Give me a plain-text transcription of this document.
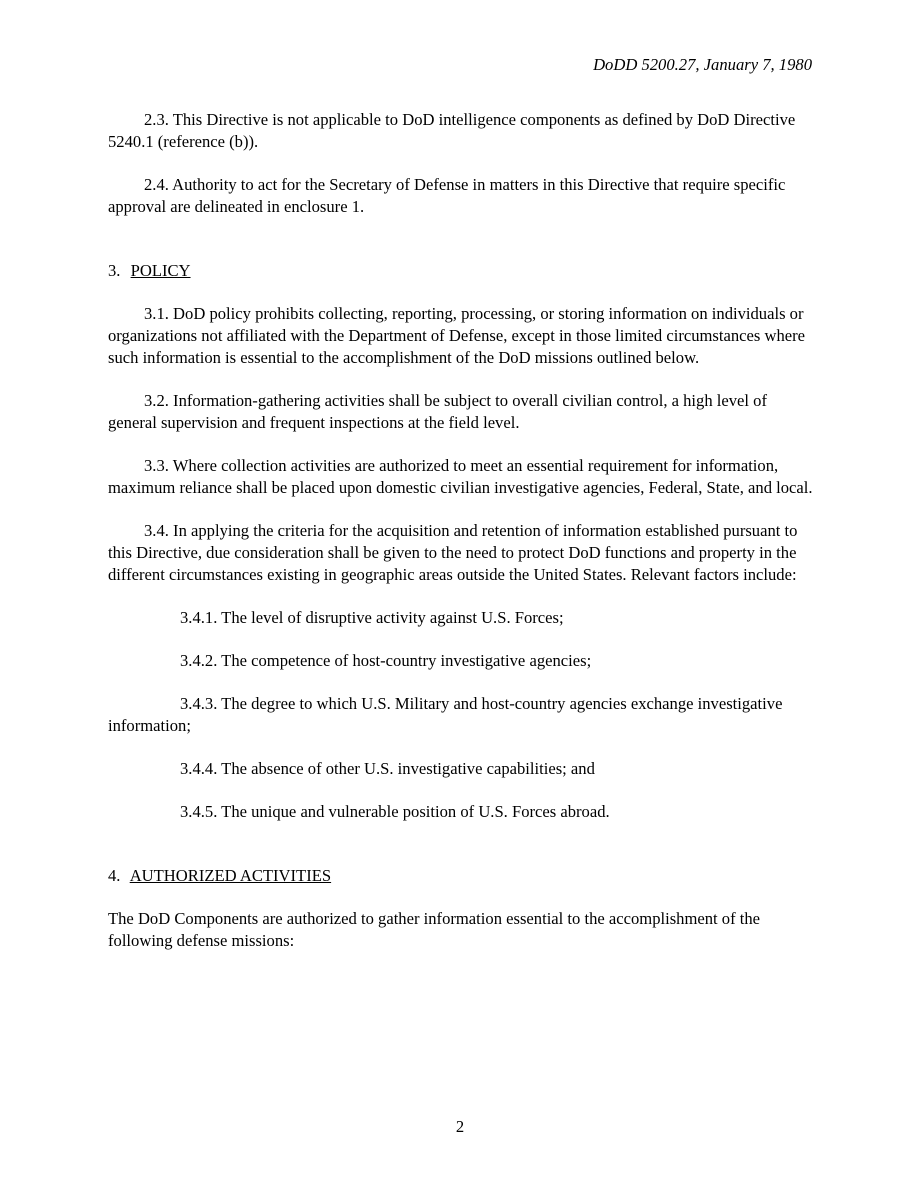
DoDD 5200.27, January 7, 1980

2.3. This Directive is not applicable to DoD intelligence components as defined by DoD Directive 5240.1 (reference (b)).

2.4. Authority to act for the Secretary of Defense in matters in this Directive that require specific approval are delineated in enclosure 1.

3. POLICY

3.1. DoD policy prohibits collecting, reporting, processing, or storing information on individuals or organizations not affiliated with the Department of Defense, except in those limited circumstances where such information is essential to the accomplishment of the DoD missions outlined below.

3.2. Information-gathering activities shall be subject to overall civilian control, a high level of general supervision and frequent inspections at the field level.

3.3. Where collection activities are authorized to meet an essential requirement for information, maximum reliance shall be placed upon domestic civilian investigative agencies, Federal, State, and local.

3.4. In applying the criteria for the acquisition and retention of information established pursuant to this Directive, due consideration shall be given to the need to protect DoD functions and property in the different circumstances existing in geographic areas outside the United States. Relevant factors include:

3.4.1. The level of disruptive activity against U.S. Forces;

3.4.2. The competence of host-country investigative agencies;

3.4.3. The degree to which U.S. Military and host-country agencies exchange investigative information;

3.4.4. The absence of other U.S. investigative capabilities; and

3.4.5. The unique and vulnerable position of U.S. Forces abroad.

4. AUTHORIZED ACTIVITIES

The DoD Components are authorized to gather information essential to the accomplishment of the following defense missions:

2
